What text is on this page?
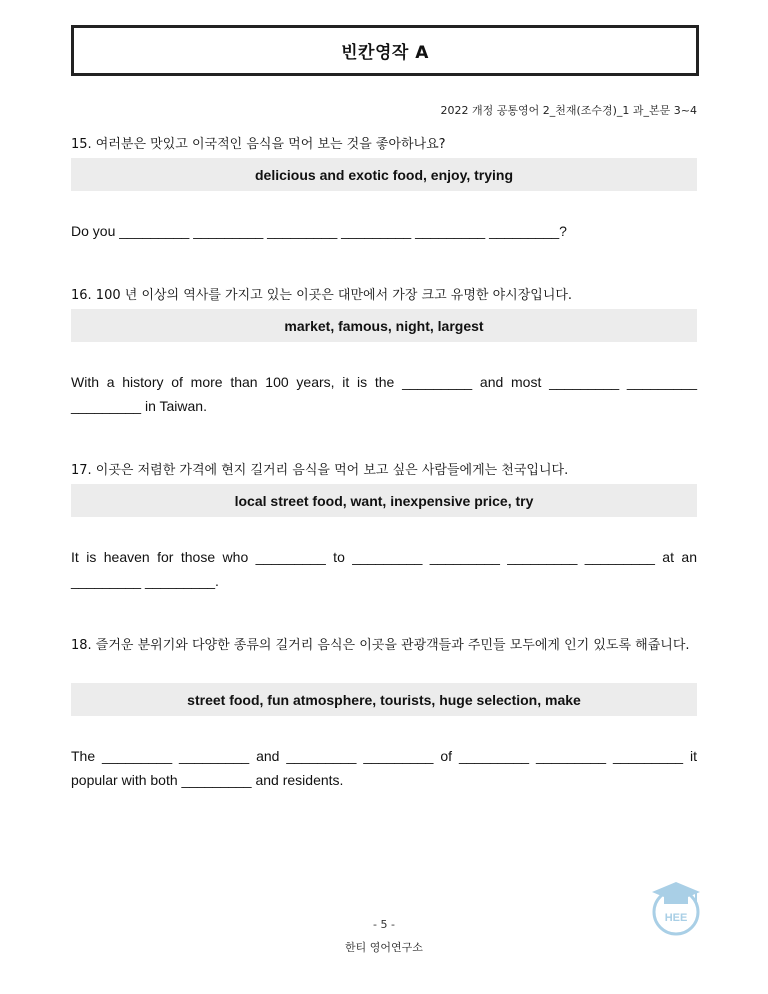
빈칸영작 A
2022 개정 공통영어 2_천재(조수경)_1 과_본문 3~4
15. 여러분은 맛있고 이국적인 음식을 먹어 보는 것을 좋아하나요?
delicious and exotic food, enjoy, trying
Do you _________ _________ _________ _________ _________ _________?
16. 100 년 이상의 역사를 가지고 있는 이곳은 대만에서 가장 크고 유명한 야시장입니다.
market, famous, night, largest
With a history of more than 100 years, it is the _________ and most _________ _________ _________ in Taiwan.
17. 이곳은 저렴한 가격에 현지 길거리 음식을 먹어 보고 싶은 사람들에게는 천국입니다.
local street food, want, inexpensive price, try
It is heaven for those who _________ to _________ _________ _________ _________ at an _________ _________.
18. 즐거운 분위기와 다양한 종류의 길거리 음식은 이곳을 관광객들과 주민들 모두에게 인기 있도록 해줍니다.
street food, fun atmosphere, tourists, huge selection, make
The _________ _________ and _________ _________ of _________ _________ _________ it popular with both _________ and residents.
- 5 -
한티 영어연구소
HEE
